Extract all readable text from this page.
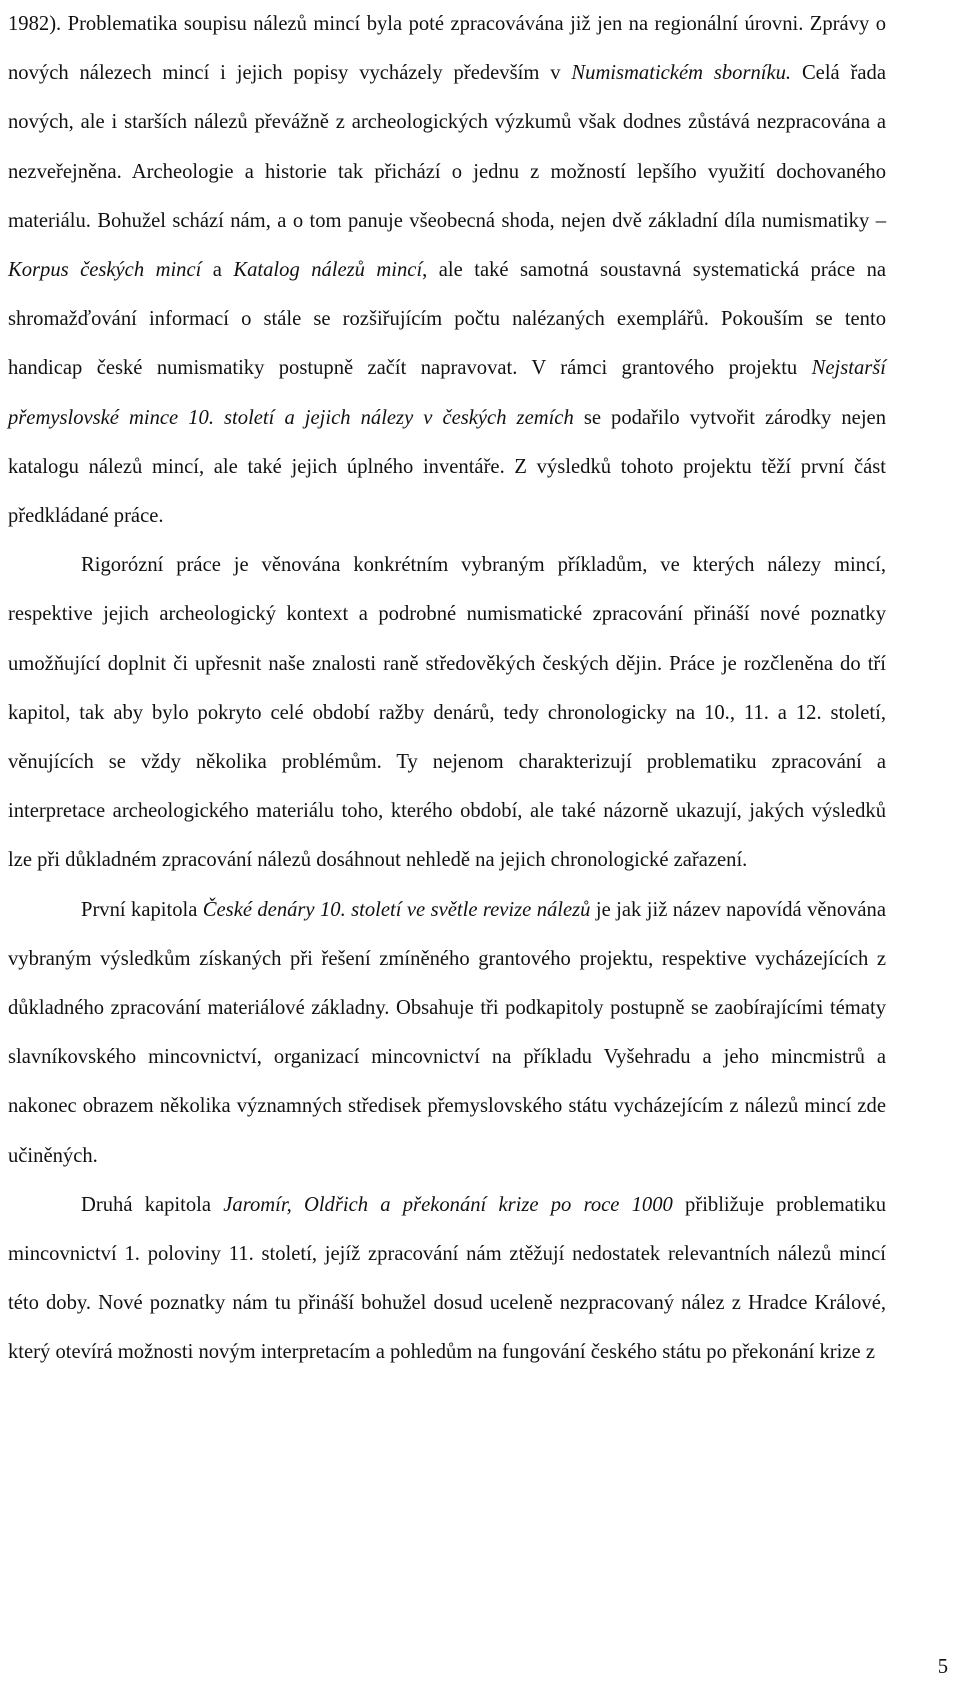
1982). Problematika soupisu nálezů mincí byla poté zpracovávána již jen na regionální úrovni. Zprávy o nových nálezech mincí i jejich popisy vycházely především v Numismatickém sborníku. Celá řada nových, ale i starších nálezů převážně z archeologických výzkumů však dodnes zůstává nezpracována a nezveřejněna. Archeologie a historie tak přichází o jednu z možností lepšího využití dochovaného materiálu. Bohužel schází nám, a o tom panuje všeobecná shoda, nejen dvě základní díla numismatiky – Korpus českých mincí a Katalog nálezů mincí, ale také samotná soustavná systematická práce na shromažďování informací o stále se rozšiřujícím počtu nalézaných exemplářů. Pokouším se tento handicap české numismatiky postupně začít napravovat. V rámci grantového projektu Nejstarší přemyslovské mince 10. století a jejich nálezy v českých zemích se podařilo vytvořit zárodky nejen katalogu nálezů mincí, ale také jejich úplného inventáře. Z výsledků tohoto projektu těží první část předkládané práce.

Rigorózní práce je věnována konkrétním vybraným příkladům, ve kterých nálezy mincí, respektive jejich archeologický kontext a podrobné numismatické zpracování přináší nové poznatky umožňující doplnit či upřesnit naše znalosti raně středověkých českých dějin. Práce je rozčleněna do tří kapitol, tak aby bylo pokryto celé období ražby denárů, tedy chronologicky na 10., 11. a 12. století, věnujících se vždy několika problémům. Ty nejenom charakterizují problematiku zpracování a interpretace archeologického materiálu toho, kterého období, ale také názorně ukazují, jakých výsledků lze při důkladném zpracování nálezů dosáhnout nehledě na jejich chronologické zařazení.

První kapitola České denáry 10. století ve světle revize nálezů je jak již název napovídá věnována vybraným výsledkům získaných při řešení zmíněného grantového projektu, respektive vycházejících z důkladného zpracování materiálové základny. Obsahuje tři podkapitoly postupně se zaobírajícími tématy slavníkovského mincovnictví, organizací mincovnictví na příkladu Vyšehradu a jeho mincmistrů a nakonec obrazem několika významných středisek přemyslovského státu vycházejícím z nálezů mincí zde učiněných.

Druhá kapitola Jaromír, Oldřich a překonání krize po roce 1000 přibližuje problematiku mincovnictví 1. poloviny 11. století, jejíž zpracování nám ztěžují nedostatek relevantních nálezů mincí této doby. Nové poznatky nám tu přináší bohužel dosud uceleně nezpracovaný nález z Hradce Králové, který otevírá možnosti novým interpretacím a pohledům na fungování českého státu po překonání krize z

5
